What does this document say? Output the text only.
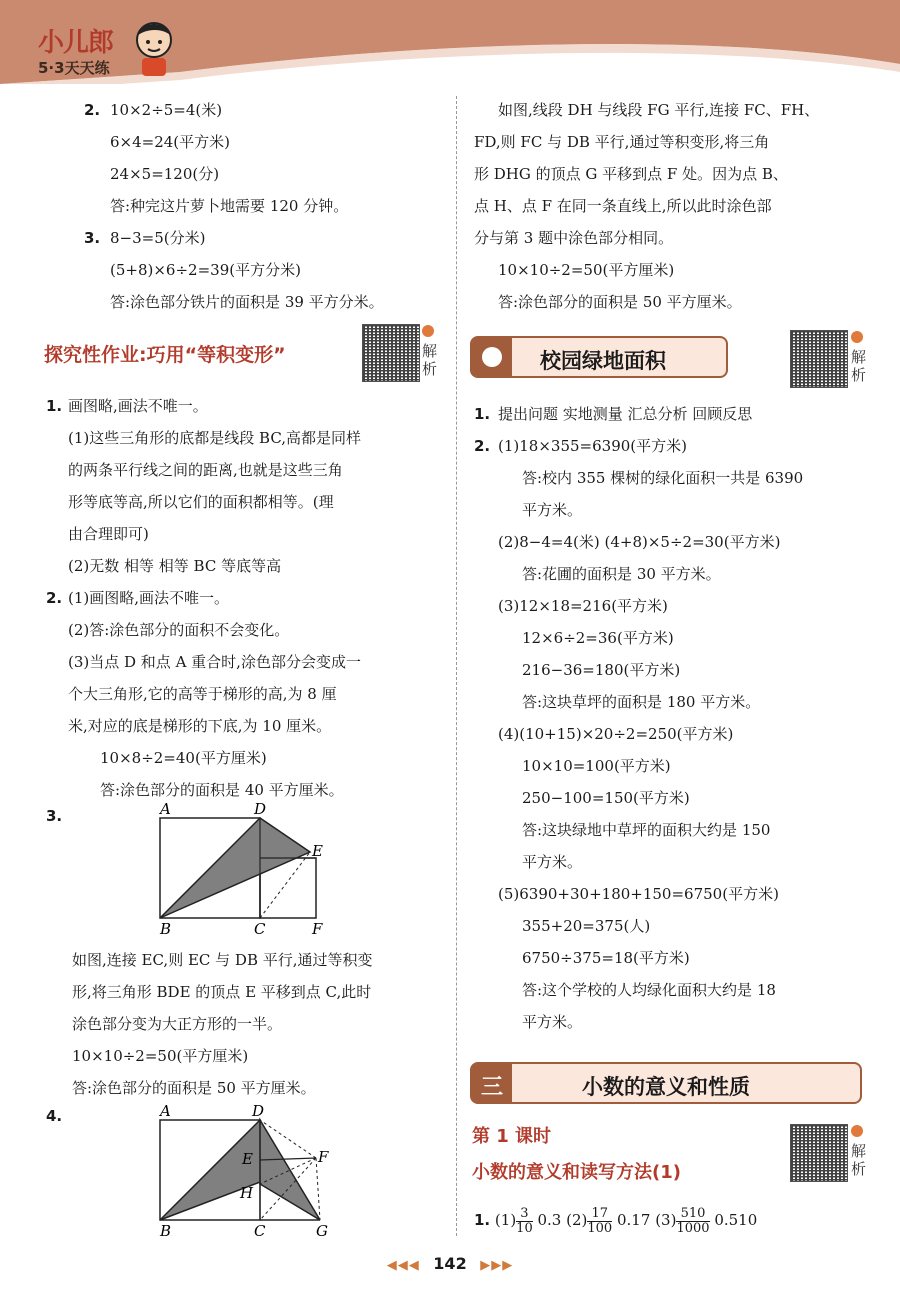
小儿郎
5·3天天练
2. 10×2÷5=4(米)
6×4=24(平方米)
24×5=120(分)
答:种完这片萝卜地需要 120 分钟。
3. 8−3=5(分米)
(5+8)×6÷2=39(平方分米)
答:涂色部分铁片的面积是 39 平方分米。
探究性作业:巧用“等积变形”	解析
1. 画图略,画法不唯一。
(1)这些三角形的底都是线段 BC,高都是同样
的两条平行线之间的距离,也就是这些三角
形等底等高,所以它们的面积都相等。(理
由合理即可)
(2)无数 相等 相等 BC 等底等高
2. (1)画图略,画法不唯一。
(2)答:涂色部分的面积不会变化。
(3)当点 D 和点 A 重合时,涂色部分会变成一
个大三角形,它的高等于梯形的高,为 8 厘
米,对应的底是梯形的下底,为 10 厘米。
10×8÷2=40(平方厘米)
答:涂色部分的面积是 40 平方厘米。
3.	A	D
E
B	C	F
如图,连接 EC,则 EC 与 DB 平行,通过等积变
形,将三角形 BDE 的顶点 E 平移到点 C,此时
涂色部分变为大正方形的一半。
10×10÷2=50(平方厘米)
答:涂色部分的面积是 50 平方厘米。
4.	A	D
E	F
H
B	C	G
如图,线段 DH 与线段 FG 平行,连接 FC、FH、
FD,则 FC 与 DB 平行,通过等积变形,将三角
形 DHG 的顶点 G 平移到点 F 处。因为点 B、
点 H、点 F 在同一条直线上,所以此时涂色部
分与第 3 题中涂色部分相同。
10×10÷2=50(平方厘米)
答:涂色部分的面积是 50 平方厘米。
校园绿地面积	解析
1. 提出问题 实地测量 汇总分析 回顾反思
2. (1)18×355=6390(平方米)
答:校内 355 棵树的绿化面积一共是 6390
平方米。
(2)8−4=4(米) (4+8)×5÷2=30(平方米)
答:花圃的面积是 30 平方米。
(3)12×18=216(平方米)
12×6÷2=36(平方米)
216−36=180(平方米)
答:这块草坪的面积是 180 平方米。
(4)(10+15)×20÷2=250(平方米)
10×10=100(平方米)
250−100=150(平方米)
答:这块绿地中草坪的面积大约是 150
平方米。
(5)6390+30+180+150=6750(平方米)
355+20=375(人)
6750÷375=18(平方米)
答:这个学校的人均绿化面积大约是 18
平方米。
三	小数的意义和性质
第 1 课时
小数的意义和读写方法(1)
解析
1. $(1) \frac{3}{10} 0.3$ $(2) \frac{17}{100} 0.17$ $(3) \frac{510}{1000} 0.510$
◀◀◀ 142 ▶▶▶
